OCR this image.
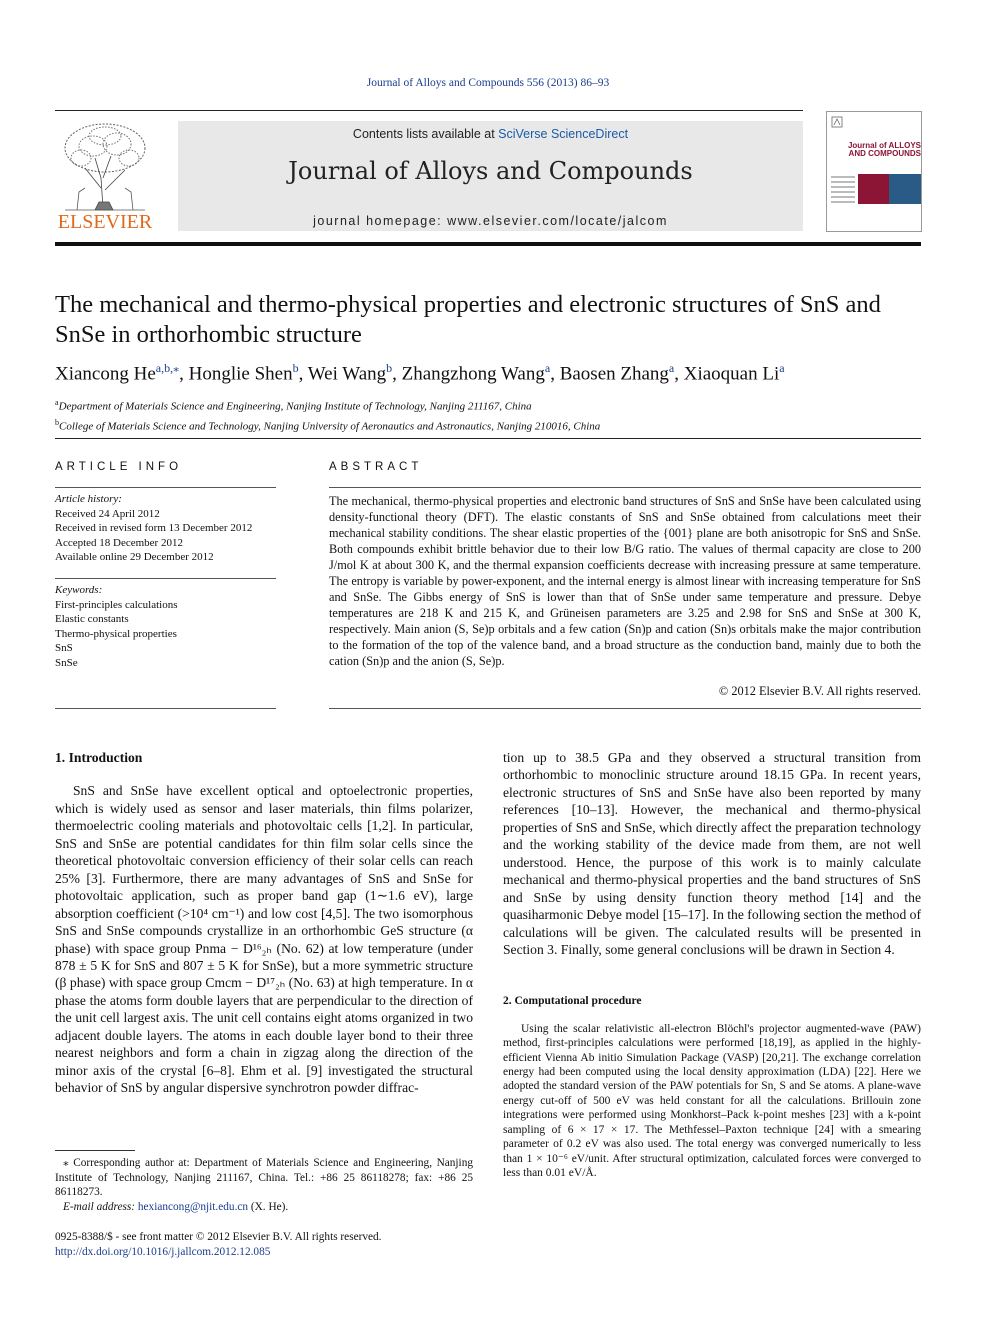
Journal of Alloys and Compounds 556 (2013) 86–93
ELSEVIER
Contents lists available at SciVerse ScienceDirect
Journal of Alloys and Compounds
journal homepage: www.elsevier.com/locate/jalcom
Journal of ALLOYS AND COMPOUNDS
The mechanical and thermo-physical properties and electronic structures of SnS and SnSe in orthorhombic structure
Xiancong $He^{a,b,⁎}$, Honglie Shen$^b$, Wei Wang$^b$, Zhangzhong Wang$^a$, Baosen Zhang$^a$, Xiaoquan Li$^a$
$^a$Department of Materials Science and Engineering, Nanjing Institute of Technology, Nanjing 211167, China
$^b$College of Materials Science and Technology, Nanjing University of Aeronautics and Astronautics, Nanjing 210016, China
ARTICLE INFO
Article history:
Received 24 April 2012
Received in revised form 13 December 2012
Accepted 18 December 2012
Available online 29 December 2012
Keywords:
First-principles calculations
Elastic constants
Thermo-physical properties
SnS
SnSe
ABSTRACT
The mechanical, thermo-physical properties and electronic band structures of SnS and SnSe have been calculated using density-functional theory (DFT). The elastic constants of SnS and SnSe obtained from calculations meet their mechanical stability conditions. The shear elastic properties of the {001} plane are both anisotropic for SnS and SnSe. Both compounds exhibit brittle behavior due to their low B/G ratio. The values of thermal capacity are close to 200 J/mol K at about 300 K, and the thermal expansion coefficients decrease with increasing pressure at same temperature. The entropy is variable by power-exponent, and the internal energy is almost linear with increasing temperature for SnS and SnSe. The Gibbs energy of SnS is lower than that of SnSe under same temperature and pressure. Debye temperatures are 218 K and 215 K, and Grüneisen parameters are 3.25 and 2.98 for SnS and SnSe at 300 K, respectively. Main anion (S, Se)p orbitals and a few cation (Sn)p and cation (Sn)s orbitals make the major contribution to the formation of the top of the valence band, and a broad structure as the conduction band, mainly due to both the cation (Sn)p and the anion (S, Se)p.
© 2012 Elsevier B.V. All rights reserved.
1. Introduction

SnS and SnSe have excellent optical and optoelectronic properties, which is widely used as sensor and laser materials, thin films polarizer, thermoelectric cooling materials and photovoltaic cells [1,2]. In particular, SnS and SnSe are potential candidates for thin film solar cells since the theoretical photovoltaic conversion efficiency of their solar cells can reach 25% [3]. Furthermore, there are many advantages of SnS and SnSe for photovoltaic application, such as proper band gap (1∼1.6 eV), large absorption coefficient (>10⁴ cm⁻¹) and low cost [4,5]. The two isomorphous SnS and SnSe compounds crystallize in an orthorhombic GeS structure (α phase) with space group Pnma − D¹⁶₂ₕ (No. 62) at low temperature (under 878 ± 5 K for SnS and 807 ± 5 K for SnSe), but a more symmetric structure (β phase) with space group Cmcm − D¹⁷₂ₕ (No. 63) at high temperature. In α phase the atoms form double layers that are perpendicular to the direction of the unit cell largest axis. The unit cell contains eight atoms organized in two adjacent double layers. The atoms in each double layer bond to their three nearest neighbors and form a chain in zigzag along the direction of the minor axis of the crystal [6–8]. Ehm et al. [9] investigated the structural behavior of SnS by angular dispersive synchrotron powder diffrac-

tion up to 38.5 GPa and they observed a structural transition from orthorhombic to monoclinic structure around 18.15 GPa. In recent years, electronic structures of SnS and SnSe have also been reported by many references [10–13]. However, the mechanical and thermo-physical properties of SnS and SnSe, which directly affect the preparation technology and the working stability of the device made from them, are not well understood. Hence, the purpose of this work is to mainly calculate mechanical and thermo-physical properties and the band structures of SnS and SnSe by using density function theory method [14] and the quasiharmonic Debye model [15–17]. In the following section the method of calculations will be given. The calculated results will be presented in Section 3. Finally, some general conclusions will be drawn in Section 4.

2. Computational procedure

Using the scalar relativistic all-electron Blöchl's projector augmented-wave (PAW) method, first-principles calculations were performed [18,19], as applied in the highly-efficient Vienna Ab initio Simulation Package (VASP) [20,21]. The exchange correlation energy had been computed using the local density approximation (LDA) [22]. Here we adopted the standard version of the PAW potentials for Sn, S and Se atoms. A plane-wave energy cut-off of 500 eV was held constant for all the calculations. Brillouin zone integrations were performed using Monkhorst–Pack k-point meshes [23] with a k-point sampling of 6 × 17 × 17. The Methfessel–Paxton technique [24] with a smearing parameter of 0.2 eV was also used. The total energy was converged numerically to less than 1 × 10⁻⁶ eV/unit. After structural optimization, calculated forces were converged to less than 0.01 eV/Å.

⁎ Corresponding author at: Department of Materials Science and Engineering, Nanjing Institute of Technology, Nanjing 211167, China. Tel.: +86 25 86118278; fax: +86 25 86118273.

E-mail address: hexiancong@njit.edu.cn (X. He).

0925-8388/$ - see front matter © 2012 Elsevier B.V. All rights reserved.
http://dx.doi.org/10.1016/j.jallcom.2012.12.085
